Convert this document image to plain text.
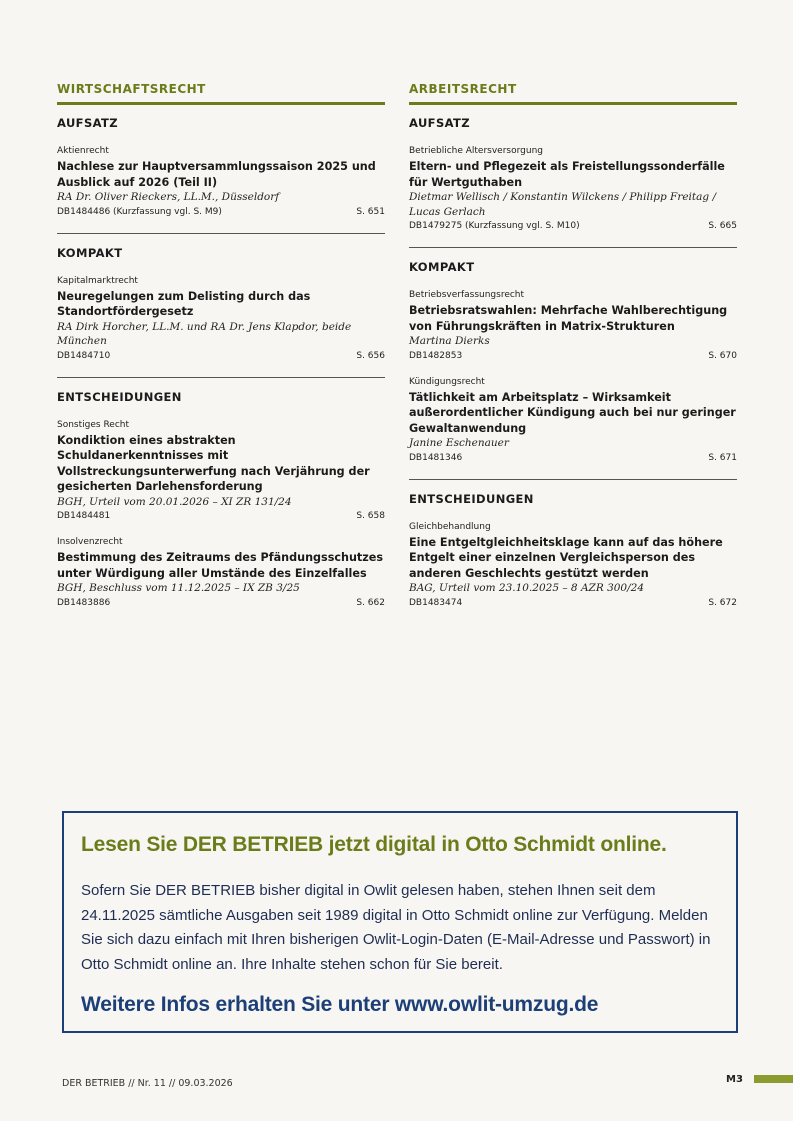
WIRTSCHAFTSRECHT
AUFSATZ
Aktienrecht
Nachlese zur Hauptversammlungssaison 2025 und Ausblick auf 2026 (Teil II)
RA Dr. Oliver Rieckers, LL.M., Düsseldorf
DB1484486 (Kurzfassung vgl. S. M9)	S. 651
KOMPAKT
Kapitalmarktrecht
Neuregelungen zum Delisting durch das Standortfördergesetz
RA Dirk Horcher, LL.M. und RA Dr. Jens Klapdor, beide München
DB1484710	S. 656
ENTSCHEIDUNGEN
Sonstiges Recht
Kondiktion eines abstrakten Schuldanerkenntnisses mit Vollstreckungsunterwerfung nach Verjährung der gesicherten Darlehensforderung
BGH, Urteil vom 20.01.2026 – XI ZR 131/24
DB1484481	S. 658
Insolvenzrecht
Bestimmung des Zeitraums des Pfändungsschutzes unter Würdigung aller Umstände des Einzelfalles
BGH, Beschluss vom 11.12.2025 – IX ZB 3/25
DB1483886	S. 662
ARBEITSRECHT
AUFSATZ
Betriebliche Altersversorgung
Eltern- und Pflegezeit als Freistellungssonderfälle für Wertguthaben
Dietmar Wellisch / Konstantin Wilckens / Philipp Freitag / Lucas Gerlach
DB1479275 (Kurzfassung vgl. S. M10)	S. 665
KOMPAKT
Betriebsverfassungsrecht
Betriebsratswahlen: Mehrfache Wahlberechtigung von Führungskräften in Matrix-Strukturen
Martina Dierks
DB1482853	S. 670
Kündigungsrecht
Tätlichkeit am Arbeitsplatz – Wirksamkeit außerordentlicher Kündigung auch bei nur geringer Gewaltanwendung
Janine Eschenauer
DB1481346	S. 671
ENTSCHEIDUNGEN
Gleichbehandlung
Eine Entgeltgleichheitsklage kann auf das höhere Entgelt einer einzelnen Vergleichsperson des anderen Geschlechts gestützt werden
BAG, Urteil vom 23.10.2025 – 8 AZR 300/24
DB1483474	S. 672
Lesen Sie DER BETRIEB jetzt digital in Otto Schmidt online.
Sofern Sie DER BETRIEB bisher digital in Owlit gelesen haben, stehen Ihnen seit dem 24.11.2025 sämtliche Ausgaben seit 1989 digital in Otto Schmidt online zur Verfügung. Melden Sie sich dazu einfach mit Ihren bisherigen Owlit-Login-Daten (E-Mail-Adresse und Passwort) in Otto Schmidt online an. Ihre Inhalte stehen schon für Sie bereit.
Weitere Infos erhalten Sie unter www.owlit-umzug.de
DER BETRIEB // Nr. 11 // 09.03.2026	M3
